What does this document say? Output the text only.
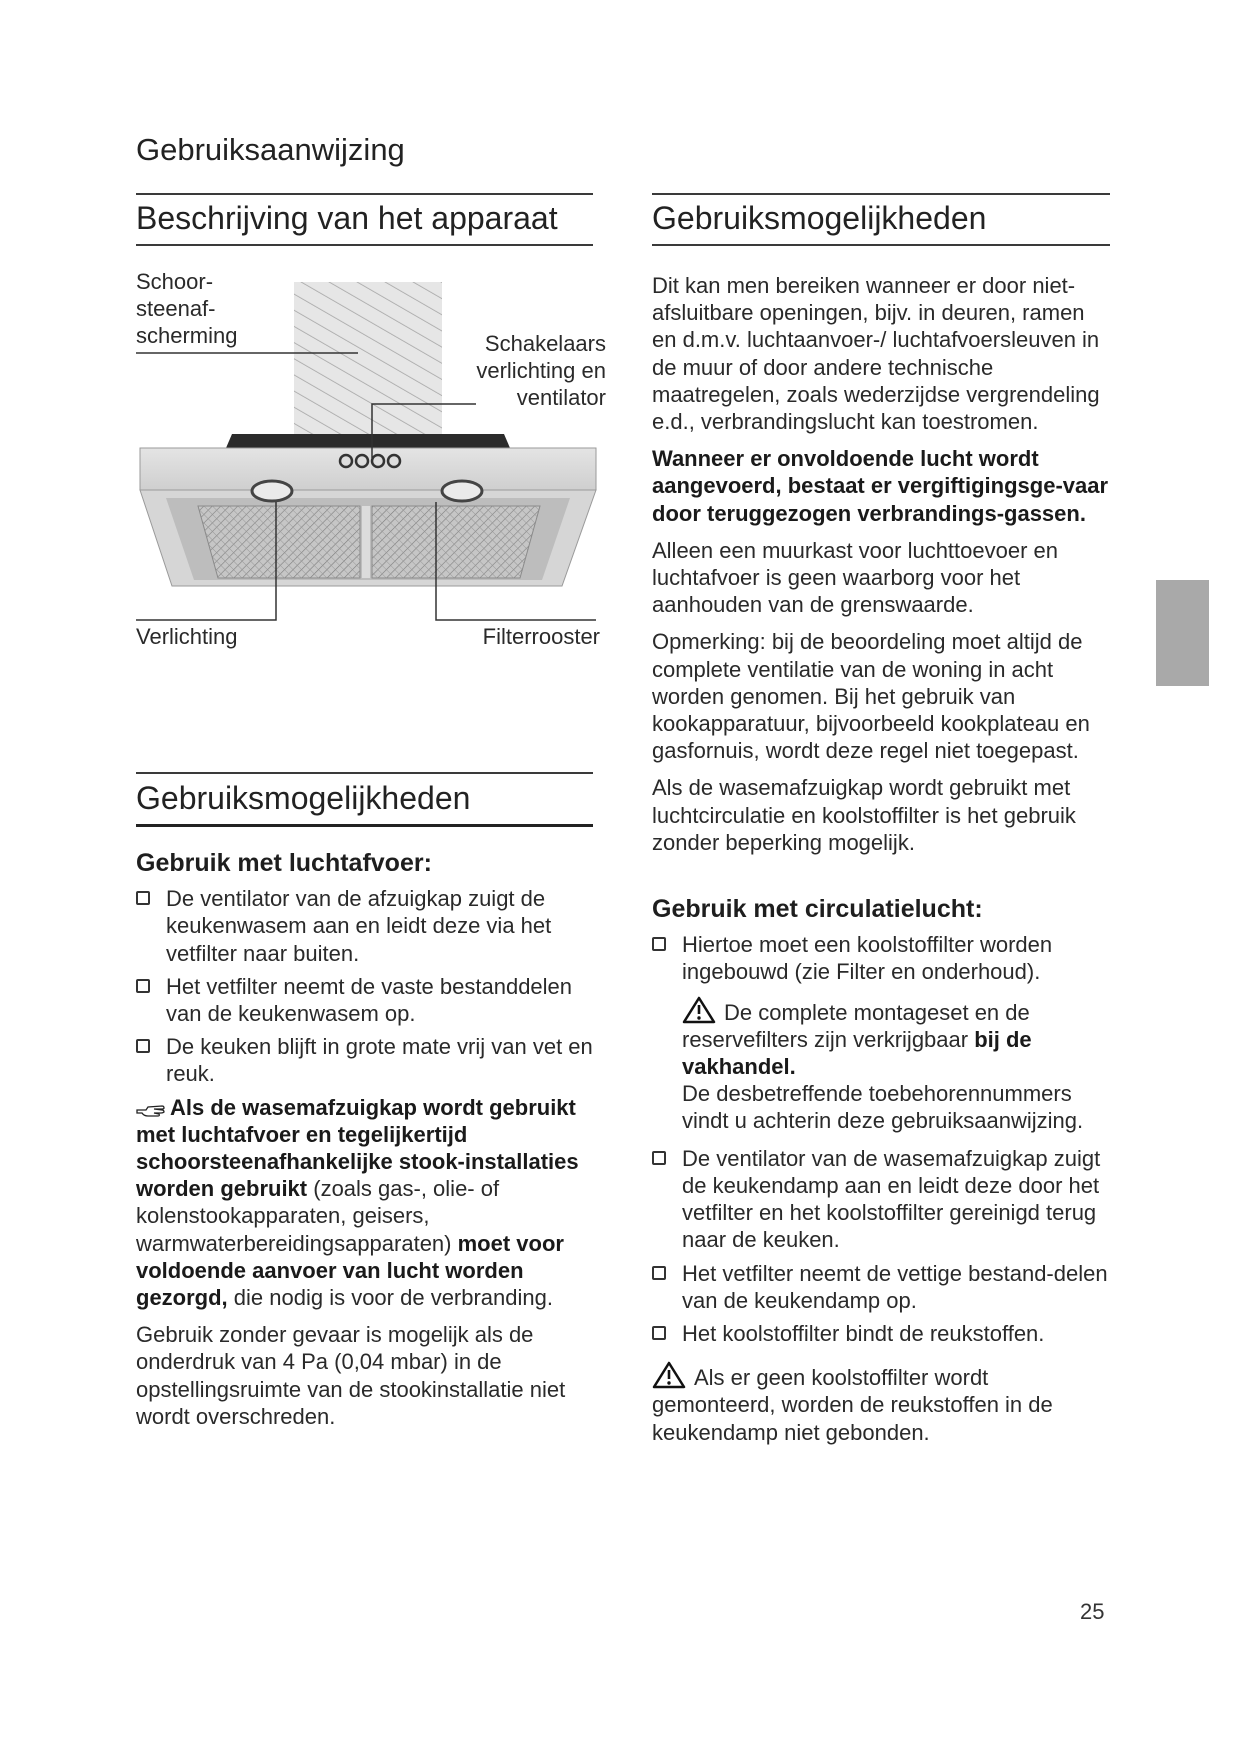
Gebruiksaanwijzing
Beschrijving van het apparaat
Schoor-
steenaf-
scherming	Schakelaars
verlichting en
ventilator
Verlichting	Filterrooster
Gebruiksmogelijkheden
Gebruik met luchtafvoer:
De ventilator van de afzuigkap zuigt de keukenwasem aan en leidt deze via het vetfilter naar buiten.
Het vetfilter neemt de vaste bestanddelen van de keukenwasem op.
De keuken blijft in grote mate vrij van vet en reuk.

Als de wasemafzuigkap wordt gebruikt met luchtafvoer en tegelijkertijd schoorsteenafhankelijke stook-installaties worden gebruikt (zoals gas-, olie- of kolenstookapparaten, geisers, warmwaterbereidingsapparaten) moet voor voldoende aanvoer van lucht worden gezorgd, die nodig is voor de verbranding.

Gebruik zonder gevaar is mogelijk als de onderdruk van 4 Pa (0,04 mbar) in de opstellingsruimte van de stookinstallatie niet wordt overschreden.

Gebruiksmogelijkheden

Dit kan men bereiken wanneer er door niet-afsluitbare openingen, bijv. in deuren, ramen en d.m.v. luchtaanvoer-/ luchtafvoersleuven in de muur of door andere technische maatregelen, zoals wederzijdse vergrendeling e.d., verbrandingslucht kan toestromen.

Wanneer er onvoldoende lucht wordt aangevoerd, bestaat er vergiftigingsge-vaar door teruggezogen verbrandings-gassen.

Alleen een muurkast voor luchttoevoer en luchtafvoer is geen waarborg voor het aanhouden van de grenswaarde.

Opmerking: bij de beoordeling moet altijd de complete ventilatie van de woning in acht worden genomen. Bij het gebruik van kookapparatuur, bijvoorbeeld kookplateau en gasfornuis, wordt deze regel niet toegepast.

Als de wasemafzuigkap wordt gebruikt met luchtcirculatie en koolstoffilter is het gebruik zonder beperking mogelijk.

Gebruik met circulatielucht:
Hiertoe moet een koolstoffilter worden ingebouwd (zie Filter en onderhoud).
De complete montageset en de reservefilters zijn verkrijgbaar bij de vakhandel.
De desbetreffende toebehorennummers vindt u achterin deze gebruiksaanwijzing.
De ventilator van de wasemafzuigkap zuigt de keukendamp aan en leidt deze door het vetfilter en het koolstoffilter gereinigd terug naar de keuken.
Het vetfilter neemt de vettige bestand-delen van de keukendamp op.
Het koolstoffilter bindt de reukstoffen.

Als er geen koolstoffilter wordt gemonteerd, worden de reukstoffen in de keukendamp niet gebonden.

25
